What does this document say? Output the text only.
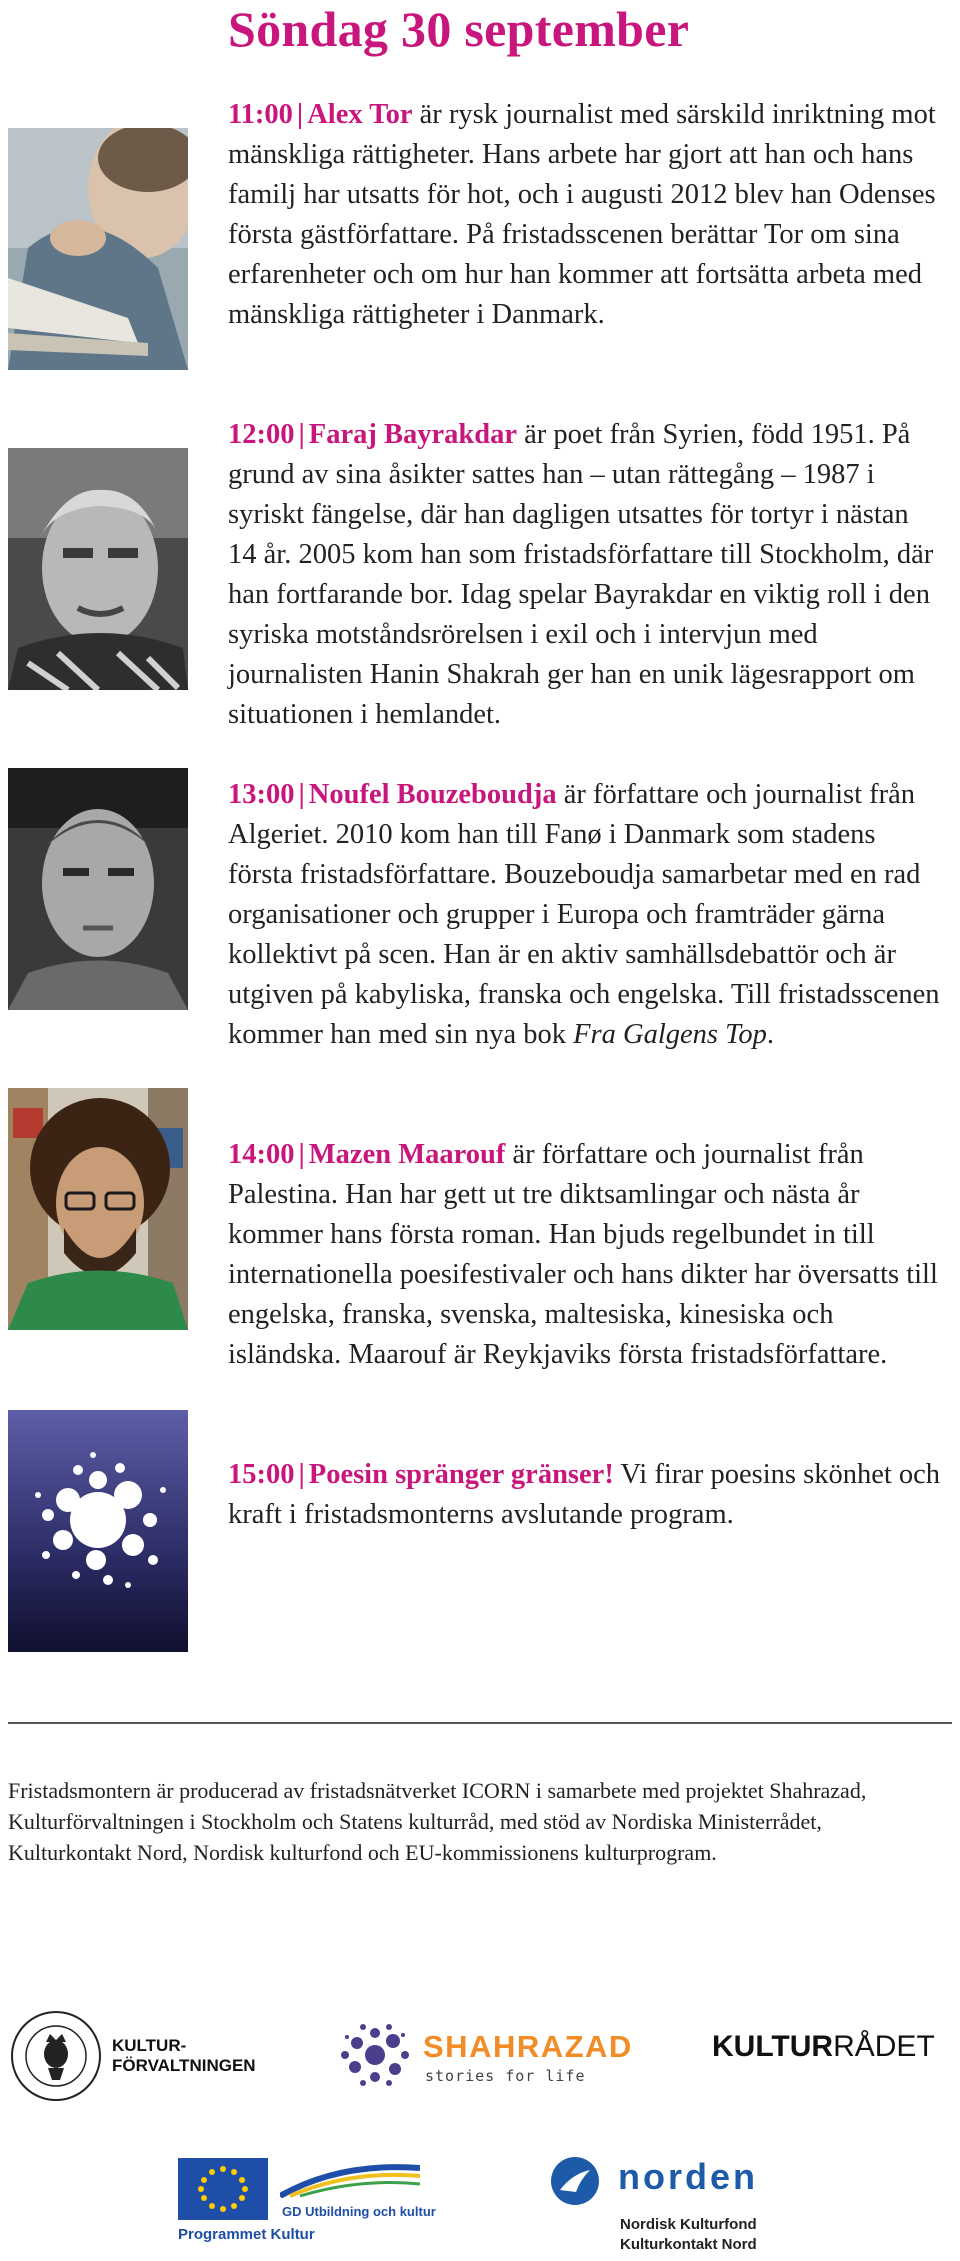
Söndag 30 september
11:00 | Alex Tor är rysk journalist med särskild inriktning mot mänskliga rättigheter. Hans arbete har gjort att han och hans familj har utsatts för hot, och i augusti 2012 blev han Odenses första gästförfattare. På fristadsscenen berättar Tor om sina erfarenheter och om hur han kommer att fortsätta arbeta med mänskliga rättigheter i Danmark.
12:00 | Faraj Bayrakdar är poet från Syrien, född 1951. På grund av sina åsikter sattes han – utan rättegång – 1987 i syriskt fängelse, där han dagligen utsattes för tortyr i nästan 14 år. 2005 kom han som fristadsförfattare till Stockholm, där han fortfarande bor. Idag spelar Bayrakdar en viktig roll i den syriska motståndsrörelsen i exil och i intervjun med journalisten Hanin Shakrah ger han en unik lägesrapport om situationen i hemlandet.
13:00 | Noufel Bouzeboudja är författare och journalist från Algeriet. 2010 kom han till Fanø i Danmark som stadens första fristadsförfattare. Bouzeboudja samarbetar med en rad organisationer och grupper i Europa och framträder gärna kollektivt på scen. Han är en aktiv samhällsdebattör och är utgiven på kabyliska, franska och engelska. Till fristadsscenen kommer han med sin nya bok Fra Galgens Top.
14:00 | Mazen Maarouf är författare och journalist från Palestina. Han har gett ut tre diktsamlingar och nästa år kommer hans första roman. Han bjuds regelbundet in till internationella poesifestivaler och hans dikter har översatts till engelska, franska, svenska, maltesiska, kinesiska och isländska. Maarouf är Reykjaviks första fristadsförfattare.
15:00 | Poesin spränger gränser! Vi firar poesins skönhet och kraft i fristadsmonterns avslutande program.
Fristadsmontern är producerad av fristadsnätverket ICORN i samarbete med projektet Shahrazad, Kulturförvaltningen i Stockholm och Statens kulturråd, med stöd av Nordiska Ministerrådet, Kulturkontakt Nord, Nordisk kulturfond och EU-kommissionens kulturprogram.
KULTUR-
FÖRVALTNINGEN
SHAHRAZAD
stories for life
KULTURRÅDET
GD Utbildning och kultur
Programmet Kultur
norden
Nordisk Kulturfond
Kulturkontakt Nord
